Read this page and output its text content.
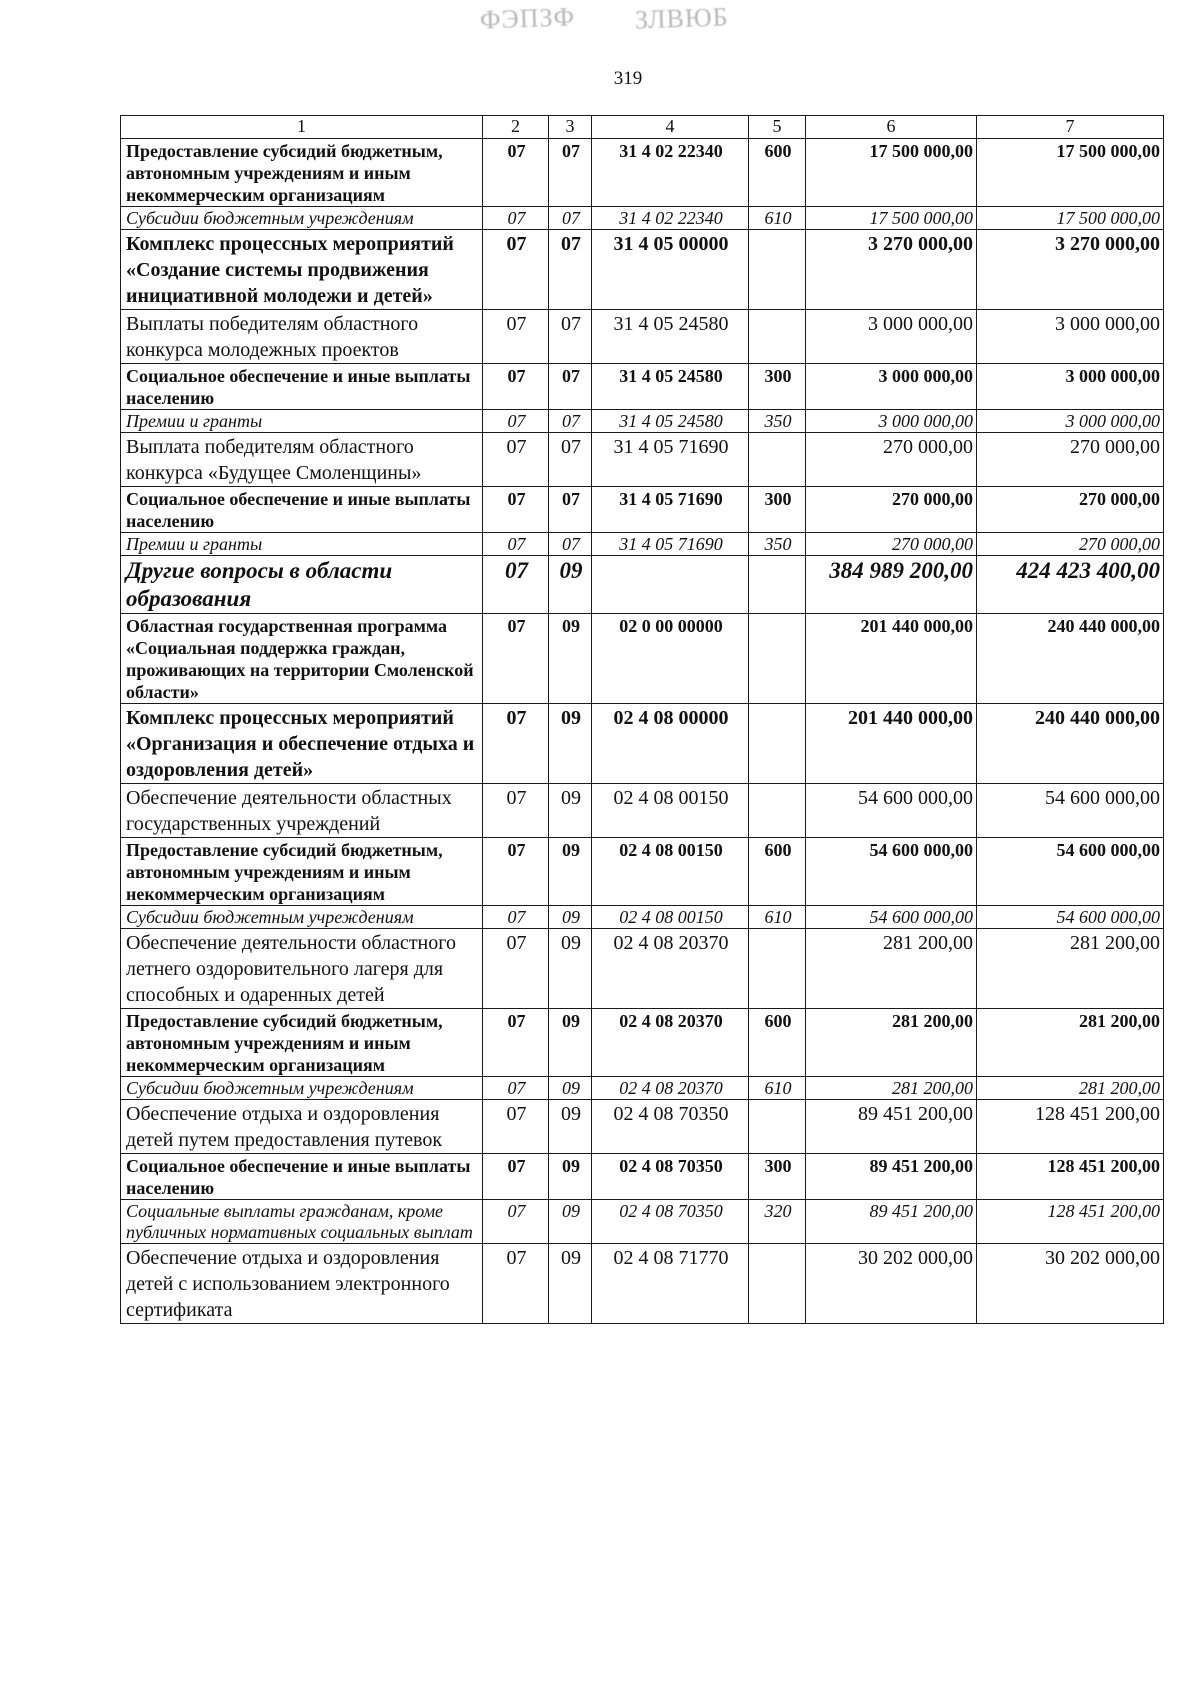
ФЭПЗФ ЗЛВЮБ
319
1	2	3	4	5	6	7
Предоставление субсидий бюджетным, автономным учреждениям и иным некоммерческим организациям	07	07	31 4 02 22340	600	17 500 000,00	17 500 000,00
Субсидии бюджетным учреждениям	07	07	31 4 02 22340	610	17 500 000,00	17 500 000,00
Комплекс процессных мероприятий «Создание системы продвижения инициативной молодежи и детей»	07	07	31 4 05 00000		3 270 000,00	3 270 000,00
Выплаты победителям областного конкурса молодежных проектов	07	07	31 4 05 24580		3 000 000,00	3 000 000,00
Социальное обеспечение и иные выплаты населению	07	07	31 4 05 24580	300	3 000 000,00	3 000 000,00
Премии и гранты	07	07	31 4 05 24580	350	3 000 000,00	3 000 000,00
Выплата победителям областного конкурса «Будущее Смоленщины»	07	07	31 4 05 71690		270 000,00	270 000,00
Социальное обеспечение и иные выплаты населению	07	07	31 4 05 71690	300	270 000,00	270 000,00
Премии и гранты	07	07	31 4 05 71690	350	270 000,00	270 000,00
Другие вопросы в области образования	07	09			384 989 200,00	424 423 400,00
Областная государственная программа «Социальная поддержка граждан, проживающих на территории Смоленской области»	07	09	02 0 00 00000		201 440 000,00	240 440 000,00
Комплекс процессных мероприятий «Организация и обеспечение отдыха и оздоровления детей»	07	09	02 4 08 00000		201 440 000,00	240 440 000,00
Обеспечение деятельности областных государственных учреждений	07	09	02 4 08 00150		54 600 000,00	54 600 000,00
Предоставление субсидий бюджетным, автономным учреждениям и иным некоммерческим организациям	07	09	02 4 08 00150	600	54 600 000,00	54 600 000,00
Субсидии бюджетным учреждениям	07	09	02 4 08 00150	610	54 600 000,00	54 600 000,00
Обеспечение деятельности областного летнего оздоровительного лагеря для способных и одаренных детей	07	09	02 4 08 20370		281 200,00	281 200,00
Предоставление субсидий бюджетным, автономным учреждениям и иным некоммерческим организациям	07	09	02 4 08 20370	600	281 200,00	281 200,00
Субсидии бюджетным учреждениям	07	09	02 4 08 20370	610	281 200,00	281 200,00
Обеспечение отдыха и оздоровления детей путем предоставления путевок	07	09	02 4 08 70350		89 451 200,00	128 451 200,00
Социальное обеспечение и иные выплаты населению	07	09	02 4 08 70350	300	89 451 200,00	128 451 200,00
Социальные выплаты гражданам, кроме публичных нормативных социальных выплат	07	09	02 4 08 70350	320	89 451 200,00	128 451 200,00
Обеспечение отдыха и оздоровления детей с использованием электронного сертификата	07	09	02 4 08 71770		30 202 000,00	30 202 000,00
